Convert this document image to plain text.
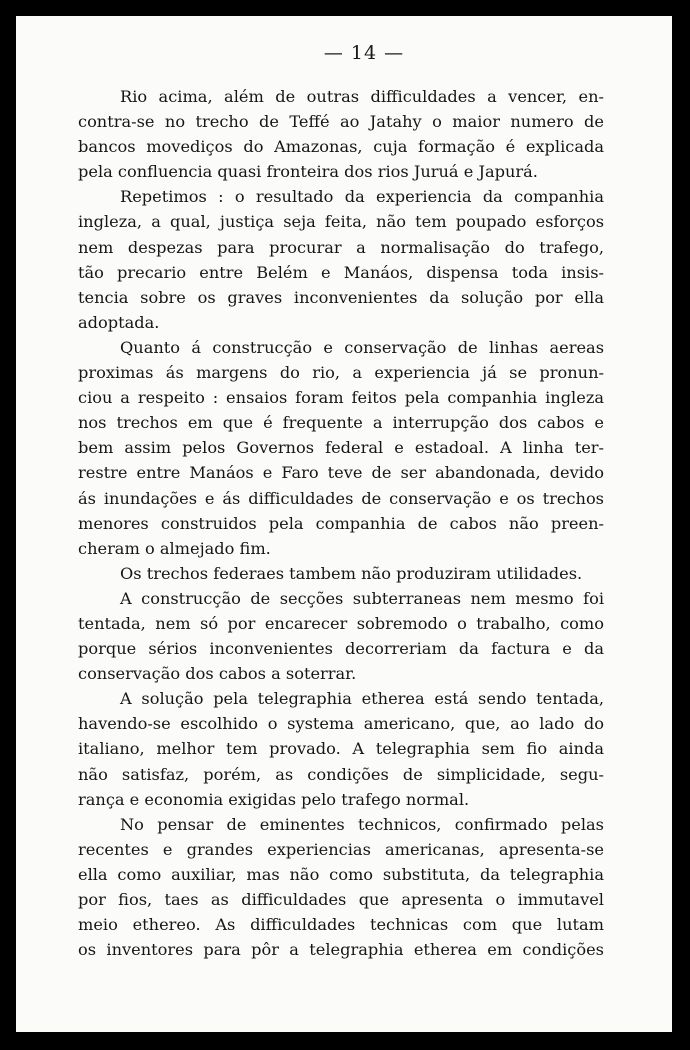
— 14 —
Rio acima, além de outras difficuldades a vencer, en-
contra-se no trecho de Teffé ao Jatahy o maior numero de
bancos movediços do Amazonas, cuja formação é explicada
pela confluencia quasi fronteira dos rios Juruá e Japurá.
Repetimos : o resultado da experiencia da companhia
ingleza, a qual, justiça seja feita, não tem poupado esforços
nem despezas para procurar a normalisação do trafego,
tão precario entre Belém e Manáos, dispensa toda insis-
tencia sobre os graves inconvenientes da solução por ella
adoptada.
Quanto á construcção e conservação de linhas aereas
proximas ás margens do rio, a experiencia já se pronun-
ciou a respeito : ensaios foram feitos pela companhia ingleza
nos trechos em que é frequente a interrupção dos cabos e
bem assim pelos Governos federal e estadoal. A linha ter-
restre entre Manáos e Faro teve de ser abandonada, devido
ás inundações e ás difficuldades de conservação e os trechos
menores construidos pela companhia de cabos não preen-
cheram o almejado fim.
Os trechos federaes tambem não produziram utilidades.
A construcção de secções subterraneas nem mesmo foi
tentada, nem só por encarecer sobremodo o trabalho, como
porque sérios inconvenientes decorreriam da factura e da
conservação dos cabos a soterrar.
A solução pela telegraphia etherea está sendo tentada,
havendo-se escolhido o systema americano, que, ao lado do
italiano, melhor tem provado. A telegraphia sem fio ainda
não satisfaz, porém, as condições de simplicidade, segu-
rança e economia exigidas pelo trafego normal.
No pensar de eminentes technicos, confirmado pelas
recentes e grandes experiencias americanas, apresenta-se
ella como auxiliar, mas não como substituta, da telegraphia
por fios, taes as difficuldades que apresenta o immutavel
meio ethereo. As difficuldades technicas com que lutam
os inventores para pôr a telegraphia etherea em condições
